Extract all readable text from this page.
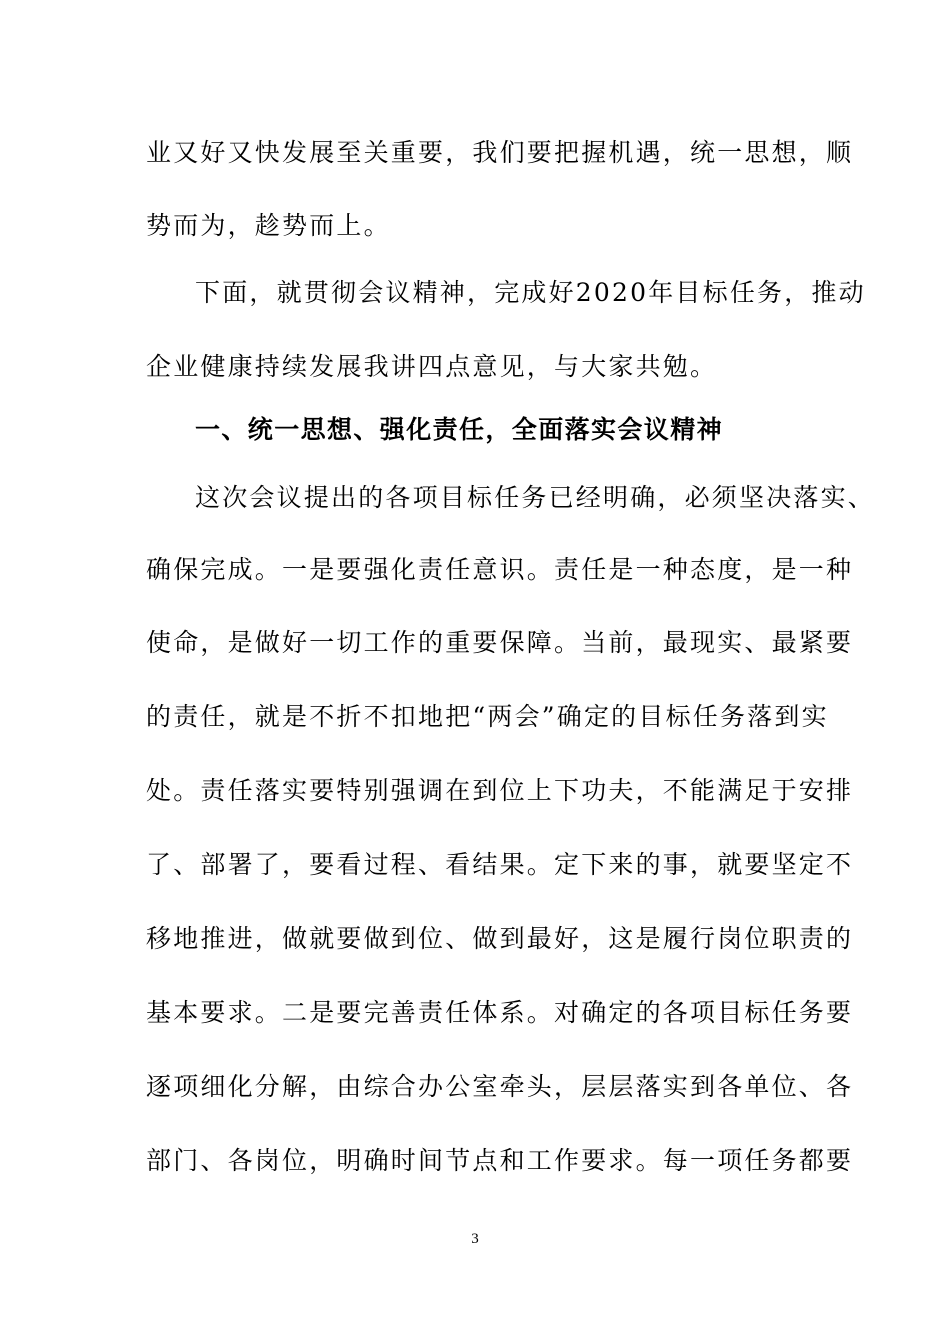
业又好又快发展至关重要，我们要把握机遇，统一思想，顺
势而为，趁势而上。
下面，就贯彻会议精神，完成好2020年目标任务，推动
企业健康持续发展我讲四点意见，与大家共勉。
一、统一思想、强化责任，全面落实会议精神
这次会议提出的各项目标任务已经明确，必须坚决落实、
确保完成。一是要强化责任意识。责任是一种态度，是一种
使命，是做好一切工作的重要保障。当前，最现实、最紧要
的责任，就是不折不扣地把“两会”确定的目标任务落到实
处。责任落实要特别强调在到位上下功夫，不能满足于安排
了、部署了，要看过程、看结果。定下来的事，就要坚定不
移地推进，做就要做到位、做到最好，这是履行岗位职责的
基本要求。二是要完善责任体系。对确定的各项目标任务要
逐项细化分解，由综合办公室牵头，层层落实到各单位、各
部门、各岗位，明确时间节点和工作要求。每一项任务都要
3
